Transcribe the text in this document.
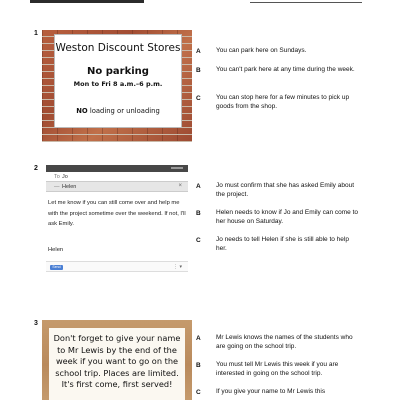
1
Weston Discount Stores
No parking
Mon to Fri 8 a.m.–6 p.m.
NO loading or unloading
A You can park here on Sundays.
B You can't park here at any time during the week.
C You can stop here for a few minutes to pick up goods from the shop.
2
To Jo
— Helen	×
Let me know if you can still come over and help me with the project sometime over the weekend. If not, I'll ask Emily.
Helen
Send	⋮ ▾
A Jo must confirm that she has asked Emily about the project.
B Helen needs to know if Jo and Emily can come to her house on Saturday.
C Jo needs to tell Helen if she is still able to help her.
3
Don't forget to give your name to Mr Lewis by the end of the week if you want to go on the school trip. Places are limited. It's first come, first served!
A Mr Lewis knows the names of the students who are going on the school trip.
B You must tell Mr Lewis this week if you are interested in going on the school trip.
C If you give your name to Mr Lewis this
